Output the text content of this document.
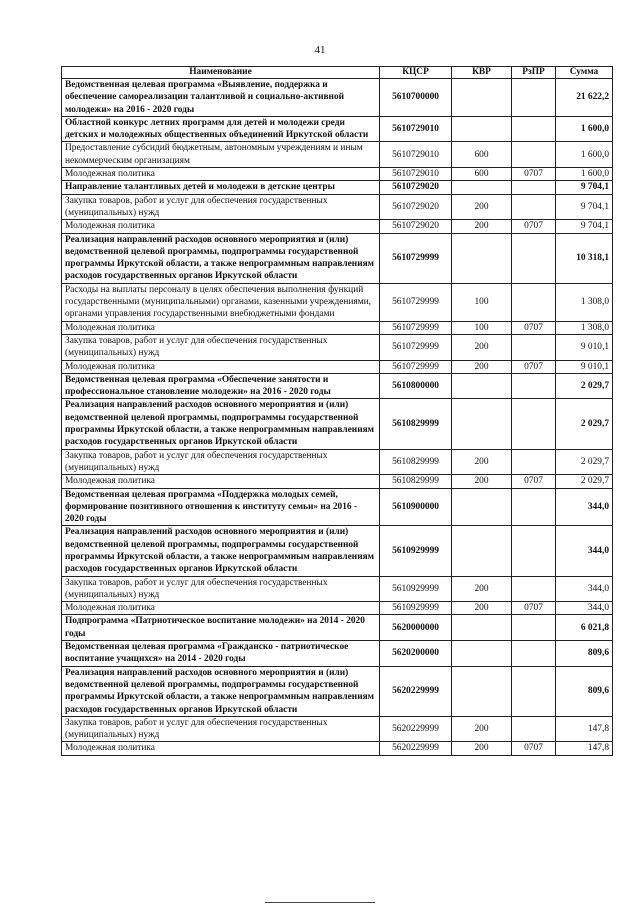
41
Наименование	КЦСР	КВР	РзПР	Сумма
Ведомственная целевая программа «Выявление, поддержка и обеспечение самореализации талантливой и социально-активной молодежи» на 2016 - 2020 годы	5610700000			21 622,2
Областной конкурс летних программ для детей и молодежи среди детских и молодежных общественных объединений Иркутской области	5610729010			1 600,0
Предоставление субсидий бюджетным, автономным учреждениям и иным некоммерческим организациям	5610729010	600		1 600,0
Молодежная политика	5610729010	600	0707	1 600,0
Направление талантливых детей и молодежи в детские центры	5610729020			9 704,1
Закупка товаров, работ и услуг для обеспечения государственных (муниципальных) нужд	5610729020	200		9 704,1
Молодежная политика	5610729020	200	0707	9 704,1
Реализация направлений расходов основного мероприятия и (или) ведомственной целевой программы, подпрограммы государственной программы Иркутской области, а также непрограммным направлениям расходов государственных органов Иркутской области	5610729999			10 318,1
Расходы на выплаты персоналу в целях обеспечения выполнения функций государственными (муниципальными) органами, казенными учреждениями, органами управления государственными внебюджетными фондами	5610729999	100		1 308,0
Молодежная политика	5610729999	100	0707	1 308,0
Закупка товаров, работ и услуг для обеспечения государственных (муниципальных) нужд	5610729999	200		9 010,1
Молодежная политика	5610729999	200	0707	9 010,1
Ведомственная целевая программа «Обеспечение занятости и профессиональное становление молодежи» на 2016 - 2020 годы	5610800000			2 029,7
Реализация направлений расходов основного мероприятия и (или) ведомственной целевой программы, подпрограммы государственной программы Иркутской области, а также непрограммным направлениям расходов государственных органов Иркутской области	5610829999			2 029,7
Закупка товаров, работ и услуг для обеспечения государственных (муниципальных) нужд	5610829999	200		2 029,7
Молодежная политика	5610829999	200	0707	2 029,7
Ведомственная целевая программа «Поддержка молодых семей, формирование позитивного отношения к институту семьи» на 2016 - 2020 годы	5610900000			344,0
Реализация направлений расходов основного мероприятия и (или) ведомственной целевой программы, подпрограммы государственной программы Иркутской области, а также непрограммным направлениям расходов государственных органов Иркутской области	5610929999			344,0
Закупка товаров, работ и услуг для обеспечения государственных (муниципальных) нужд	5610929999	200		344,0
Молодежная политика	5610929999	200	0707	344,0
Подпрограмма «Патриотическое воспитание молодежи» на 2014 - 2020 годы	5620000000			6 021,8
Ведомственная целевая программа «Гражданско - патриотическое воспитание учащихся» на 2014 - 2020 годы	5620200000			809,6
Реализация направлений расходов основного мероприятия и (или) ведомственной целевой программы, подпрограммы государственной программы Иркутской области, а также непрограммным направлениям расходов государственных органов Иркутской области	5620229999			809,6
Закупка товаров, работ и услуг для обеспечения государственных (муниципальных) нужд	5620229999	200		147,8
Молодежная политика	5620229999	200	0707	147,8
